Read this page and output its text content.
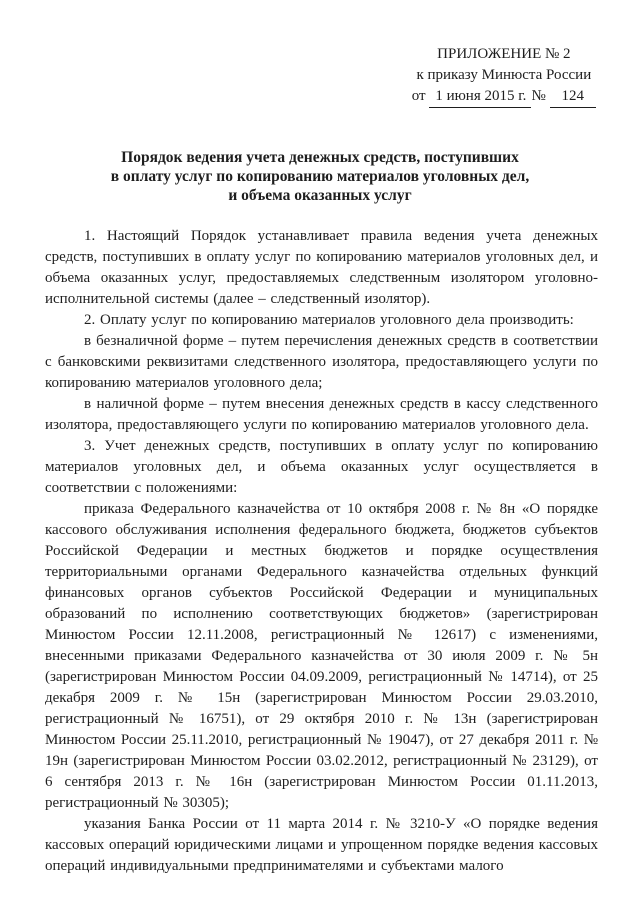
ПРИЛОЖЕНИЕ № 2
к приказу Минюста России
от 1 июня 2015 г. № 124
Порядок ведения учета денежных средств, поступивших
в оплату услуг по копированию материалов уголовных дел,
и объема оказанных услуг

1. Настоящий Порядок устанавливает правила ведения учета денежных средств, поступивших в оплату услуг по копированию материалов уголовных дел, и объема оказанных услуг, предоставляемых следственным изолятором уголовно-исполнительной системы (далее – следственный изолятор).

2. Оплату услуг по копированию материалов уголовного дела производить:

в безналичной форме – путем перечисления денежных средств в соответствии с банковскими реквизитами следственного изолятора, предоставляющего услуги по копированию материалов уголовного дела;

в наличной форме – путем внесения денежных средств в кассу следственного изолятора, предоставляющего услуги по копированию материалов уголовного дела.

3. Учет денежных средств, поступивших в оплату услуг по копированию материалов уголовных дел, и объема оказанных услуг осуществляется в соответствии с положениями:

приказа Федерального казначейства от 10 октября 2008 г. № 8н «О порядке кассового обслуживания исполнения федерального бюджета, бюджетов субъектов Российской Федерации и местных бюджетов и порядке осуществления территориальными органами Федерального казначейства отдельных функций финансовых органов субъектов Российской Федерации и муниципальных образований по исполнению соответствующих бюджетов» (зарегистрирован Минюстом России 12.11.2008, регистрационный № 12617) с изменениями, внесенными приказами Федерального казначейства от 30 июля 2009 г. № 5н (зарегистрирован Минюстом России 04.09.2009, регистрационный № 14714), от 25 декабря 2009 г. № 15н (зарегистрирован Минюстом России 29.03.2010, регистрационный № 16751), от 29 октября 2010 г. № 13н (зарегистрирован Минюстом России 25.11.2010, регистрационный № 19047), от 27 декабря 2011 г. № 19н (зарегистрирован Минюстом России 03.02.2012, регистрационный № 23129), от 6 сентября 2013 г. № 16н (зарегистрирован Минюстом России 01.11.2013, регистрационный № 30305);

указания Банка России от 11 марта 2014 г. № 3210-У «О порядке ведения кассовых операций юридическими лицами и упрощенном порядке ведения кассовых операций индивидуальными предпринимателями и субъектами малого
